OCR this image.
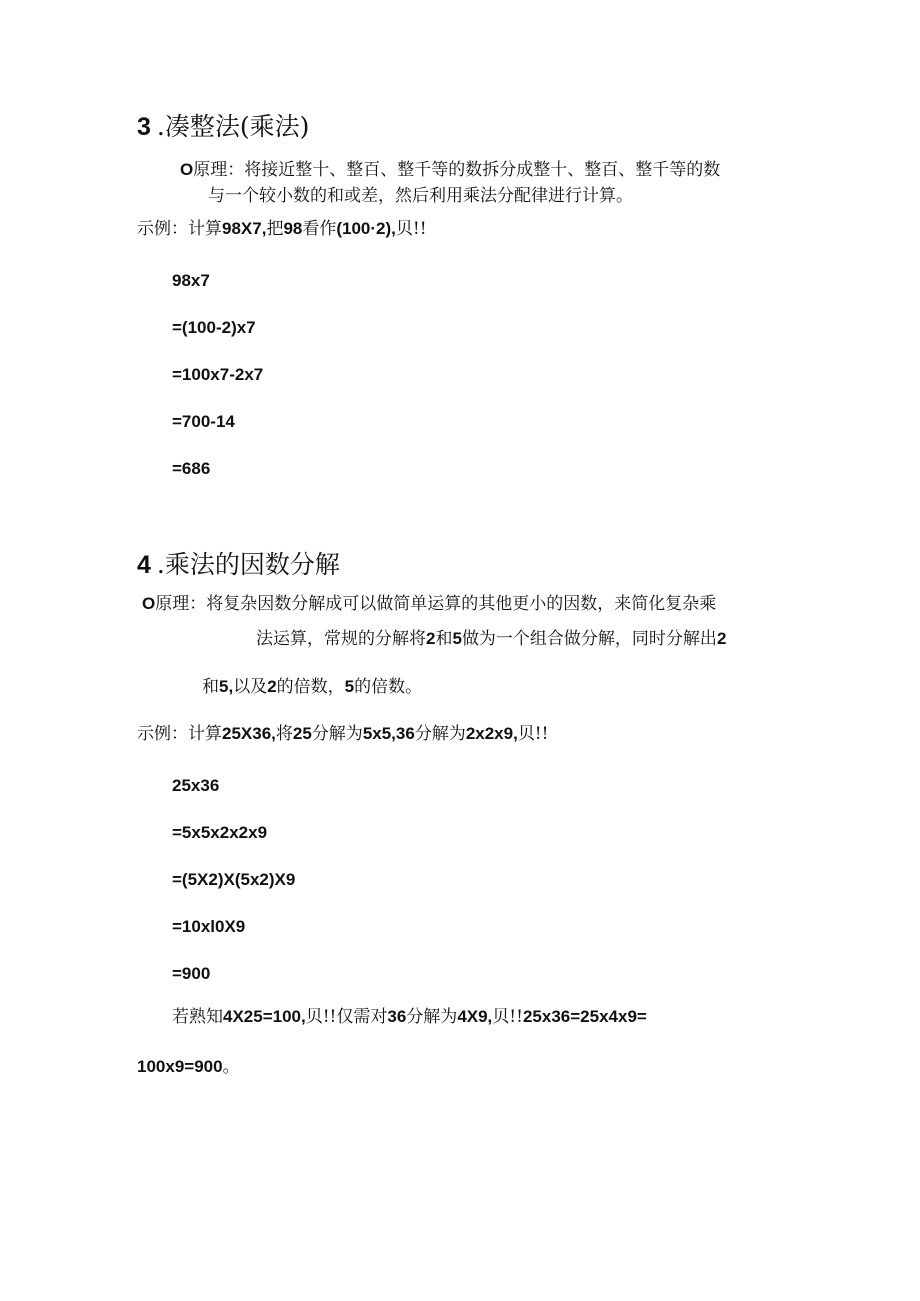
3 .凑整法(乘法)
O原理：将接近整十、整百、整千等的数拆分成整十、整百、整千等的数
与一个较小数的和或差，然后利用乘法分配律进行计算。
示例：计算98X7,把98看作(100·2),贝!!
98x7
=(100-2)x7
=100x7-2x7
=700-14
=686
4 .乘法的因数分解
O原理：将复杂因数分解成可以做简单运算的其他更小的因数，来简化复杂乘
法运算，常规的分解将2和5做为一个组合做分解，同时分解出2
和5,以及2的倍数，5的倍数。
示例：计算25X36,将25分解为5x5,36分解为2x2x9,贝!!
25x36
=5x5x2x2x9
=(5X2)X(5x2)X9
=10xl0X9
=900
若熟知4X25=100,贝!!仅需对36分解为4X9,贝!!25x36=25x4x9=
100x9=900。
